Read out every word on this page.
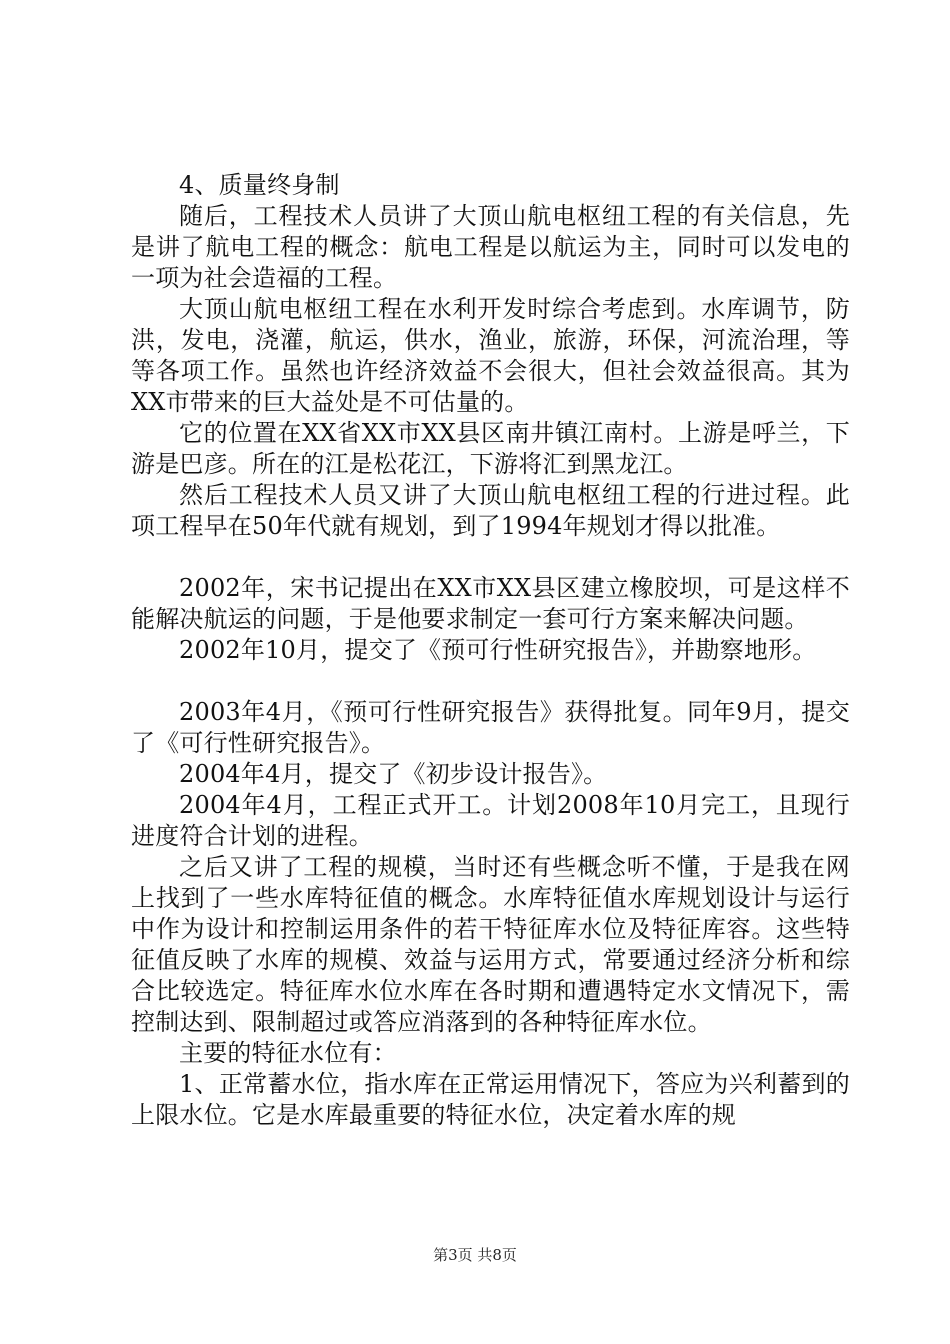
4、质量终身制

随后，工程技术人员讲了大顶山航电枢纽工程的有关信息，先是讲了航电工程的概念：航电工程是以航运为主，同时可以发电的一项为社会造福的工程。

大顶山航电枢纽工程在水利开发时综合考虑到。水库调节，防洪，发电，浇灌，航运，供水，渔业，旅游，环保，河流治理，等等各项工作。虽然也许经济效益不会很大，但社会效益很高。其为XX市带来的巨大益处是不可估量的。

它的位置在XX省XX市XX县区南井镇江南村。上游是呼兰，下游是巴彦。所在的江是松花江，下游将汇到黑龙江。

然后工程技术人员又讲了大顶山航电枢纽工程的行进过程。此项工程早在50年代就有规划，到了1994年规划才得以批准。

2002年，宋书记提出在XX市XX县区建立橡胶坝，可是这样不能解决航运的问题，于是他要求制定一套可行方案来解决问题。

2002年10月，提交了《预可行性研究报告》，并勘察地形。

2003年4月，《预可行性研究报告》获得批复。同年9月，提交了《可行性研究报告》。

2004年4月，提交了《初步设计报告》。

2004年4月，工程正式开工。计划2008年10月完工，且现行进度符合计划的进程。

之后又讲了工程的规模，当时还有些概念听不懂，于是我在网上找到了一些水库特征值的概念。水库特征值水库规划设计与运行中作为设计和控制运用条件的若干特征库水位及特征库容。这些特征值反映了水库的规模、效益与运用方式，常要通过经济分析和综合比较选定。特征库水位水库在各时期和遭遇特定水文情况下，需控制达到、限制超过或答应消落到的各种特征库水位。

主要的特征水位有：

1、正常蓄水位，指水库在正常运用情况下，答应为兴利蓄到的上限水位。它是水库最重要的特征水位，决定着水库的规

第3页 共8页
